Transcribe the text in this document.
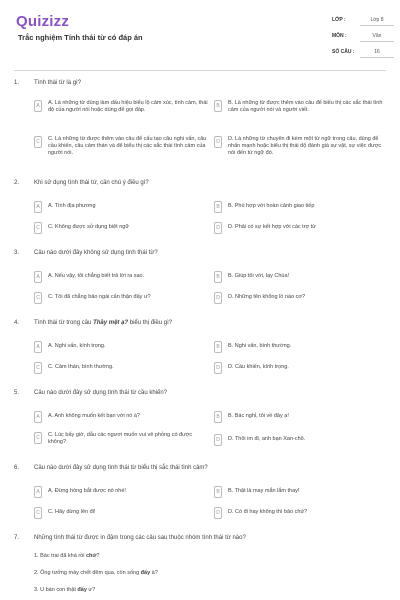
Quizizz
Trắc nghiệm Tính thái từ có đáp án
LỚP :	Lớp 8
MÔN :	Văn
SỐ CÂU :	16
1. Tình thái từ là gì?
A	A. Là những từ dùng làm dấu hiệu biểu lộ cảm xúc, tình cảm, thái độ của người nói hoặc dùng để gọi đáp.
B	B. Là những từ được thêm vào câu để biểu thị các sắc thái tình cảm của người nói và người viết.
C	C. Là những từ được thêm vào câu để cấu tạo câu nghi vấn, câu cầu khiến, câu cảm thán và để biểu thị các sắc thái tình cảm của người nói.
D	D. Là những từ chuyên đi kèm một từ ngữ trong câu, dùng để nhấn mạnh hoặc biểu thị thái độ đánh giá sự vật, sự việc được nói đến từ ngữ đó.
2. Khi sử dụng tình thái từ, cần chú ý điều gì?
A	A. Tính địa phương	B	B. Phù hợp với hoàn cảnh giao tiếp
C	C. Không được sử dụng biệt ngữ	D	D. Phải có sự kết hợp với các trợ từ
3. Câu nào dưới đây không sử dụng tình thái từ?
A	A. Nếu vậy, tôi chẳng biết trả lời ra sao.	B	B. Giúp tôi với, lạy Chúa!
C	C. Tôi đã chẳng bảo ngài cẩn thận đấy ư?	D	D. Những tên khổng lồ nào cơ?
4. Tình thái từ trong câu Thầy mệt ạ? biểu thị điều gì?
A	A. Nghi vấn, kính trọng.	B	B. Nghi vấn, bình thường.
C	C. Cảm thán, bình thường.	D	D. Cầu khiến, kính trọng.
5. Câu nào dưới đây sử dụng tình thái từ cầu khiến?
A	A. Anh không muốn kết bạn với nó à?	B	B. Bác nghỉ, tôi về đây ạ!
C	C. Lúc bấy giờ, dẫu các ngươi muốn vui vẻ phỏng có được không?	D	D. Thôi im đi, anh bạn Xan-chô.
6. Câu nào dưới đây sử dụng tình thái từ biểu thị sắc thái tình cảm?
A	A. Đừng hòng bắt được nó nhé!	B	B. Thật là may mắn lắm thay!
C	C. Hãy dừng lên đi!	D	D. Có đi hay không thì bảo chứ?
7. Những tình thái từ được in đậm trong các câu sau thuộc nhóm tình thái từ nào?
1. Bác trai đã khá rồi chứ?
2. Ông tưởng mày chết đêm qua, còn sống đấy à?
3. U bán con thật đấy ư?
